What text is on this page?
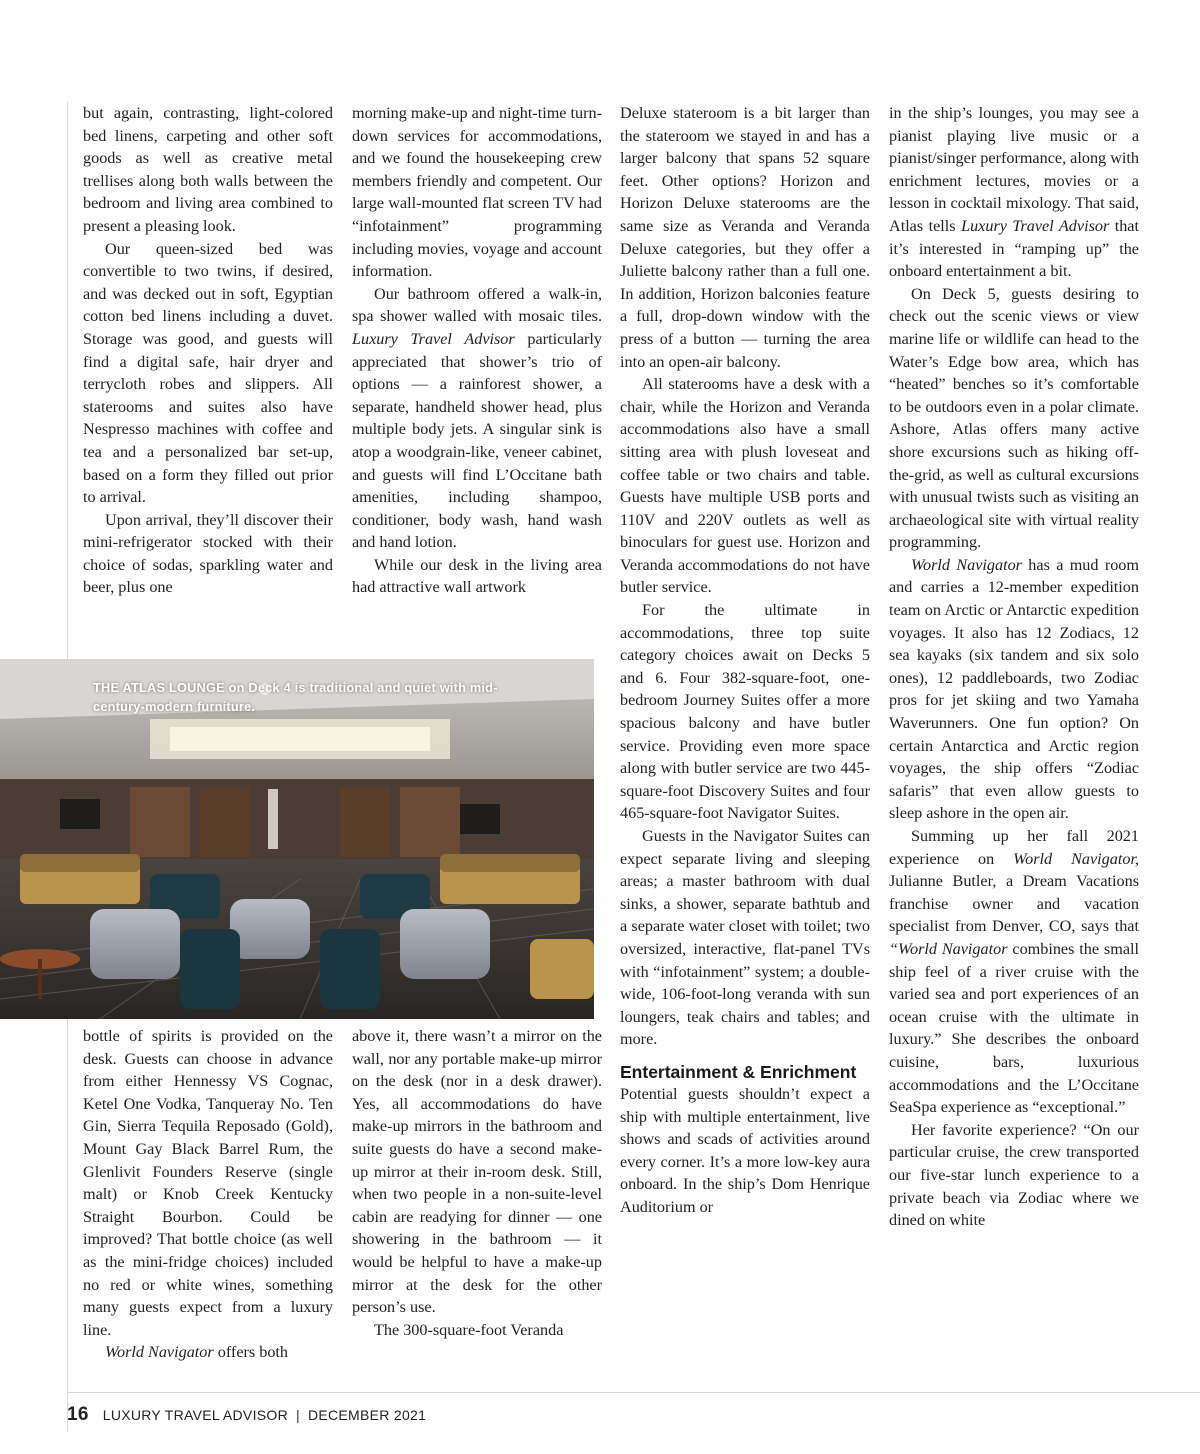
but again, contrasting, light-colored bed linens, carpeting and other soft goods as well as creative metal trellises along both walls between the bedroom and living area combined to present a pleasing look.

Our queen-sized bed was convertible to two twins, if desired, and was decked out in soft, Egyptian cotton bed linens including a duvet. Storage was good, and guests will find a digital safe, hair dryer and terrycloth robes and slippers. All staterooms and suites also have Nespresso machines with coffee and tea and a personalized bar set-up, based on a form they filled out prior to arrival.

Upon arrival, they’ll discover their mini-refrigerator stocked with their choice of sodas, sparkling water and beer, plus one

morning make-up and night-time turn-down services for accommodations, and we found the housekeeping crew members friendly and competent. Our large wall-mounted flat screen TV had “infotainment” programming including movies, voyage and account information.

Our bathroom offered a walk-in, spa shower walled with mosaic tiles. Luxury Travel Advisor particularly appreciated that shower’s trio of options — a rainforest shower, a separate, handheld shower head, plus multiple body jets. A singular sink is atop a woodgrain-like, veneer cabinet, and guests will find L’Occitane bath amenities, including shampoo, conditioner, body wash, hand wash and hand lotion.

While our desk in the living area had attractive wall artwork

THE ATLAS LOUNGE on Deck 4 is traditional and quiet with mid-century-modern furniture.

bottle of spirits is provided on the desk. Guests can choose in advance from either Hennessy VS Cognac, Ketel One Vodka, Tanqueray No. Ten Gin, Sierra Tequila Reposado (Gold), Mount Gay Black Barrel Rum, the Glenlivit Founders Reserve (single malt) or Knob Creek Kentucky Straight Bourbon. Could be improved? That bottle choice (as well as the mini-fridge choices) included no red or white wines, something many guests expect from a luxury line.

World Navigator offers both

above it, there wasn’t a mirror on the wall, nor any portable make-up mirror on the desk (nor in a desk drawer). Yes, all accommodations do have make-up mirrors in the bathroom and suite guests do have a second make-up mirror at their in-room desk. Still, when two people in a non-suite-level cabin are readying for dinner — one showering in the bathroom — it would be helpful to have a make-up mirror at the desk for the other person’s use.

The 300-square-foot Veranda

Deluxe stateroom is a bit larger than the stateroom we stayed in and has a larger balcony that spans 52 square feet. Other options? Horizon and Horizon Deluxe staterooms are the same size as Veranda and Veranda Deluxe categories, but they offer a Juliette balcony rather than a full one. In addition, Horizon balconies feature a full, drop-down window with the press of a button — turning the area into an open-air balcony.

All staterooms have a desk with a chair, while the Horizon and Veranda accommodations also have a small sitting area with plush loveseat and coffee table or two chairs and table. Guests have multiple USB ports and 110V and 220V outlets as well as binoculars for guest use. Horizon and Veranda accommodations do not have butler service.

For the ultimate in accommodations, three top suite category choices await on Decks 5 and 6. Four 382-square-foot, one-bedroom Journey Suites offer a more spacious balcony and have butler service. Providing even more space along with butler service are two 445-square-foot Discovery Suites and four 465-square-foot Navigator Suites.

Guests in the Navigator Suites can expect separate living and sleeping areas; a master bathroom with dual sinks, a shower, separate bathtub and a separate water closet with toilet; two oversized, interactive, flat-panel TVs with “infotainment” system; a double-wide, 106-foot-long veranda with sun loungers, teak chairs and tables; and more.

Entertainment & Enrichment

Potential guests shouldn’t expect a ship with multiple entertainment, live shows and scads of activities around every corner. It’s a more low-key aura onboard. In the ship’s Dom Henrique Auditorium or

in the ship’s lounges, you may see a pianist playing live music or a pianist/singer performance, along with enrichment lectures, movies or a lesson in cocktail mixology. That said, Atlas tells Luxury Travel Advisor that it’s interested in “ramping up” the onboard entertainment a bit.

On Deck 5, guests desiring to check out the scenic views or view marine life or wildlife can head to the Water’s Edge bow area, which has “heated” benches so it’s comfortable to be outdoors even in a polar climate. Ashore, Atlas offers many active shore excursions such as hiking off-the-grid, as well as cultural excursions with unusual twists such as visiting an archaeological site with virtual reality programming.

World Navigator has a mud room and carries a 12-member expedition team on Arctic or Antarctic expedition voyages. It also has 12 Zodiacs, 12 sea kayaks (six tandem and six solo ones), 12 paddleboards, two Zodiac pros for jet skiing and two Yamaha Waverunners. One fun option? On certain Antarctica and Arctic region voyages, the ship offers “Zodiac safaris” that even allow guests to sleep ashore in the open air.

Summing up her fall 2021 experience on World Navigator, Julianne Butler, a Dream Vacations franchise owner and vacation specialist from Denver, CO, says that “World Navigator combines the small ship feel of a river cruise with the varied sea and port experiences of an ocean cruise with the ultimate in luxury.” She describes the onboard cuisine, bars, luxurious accommodations and the L’Occitane SeaSpa experience as “exceptional.”

Her favorite experience? “On our particular cruise, the crew transported our five-star lunch experience to a private beach via Zodiac where we dined on white

16 LUXURY TRAVEL ADVISOR | DECEMBER 2021
